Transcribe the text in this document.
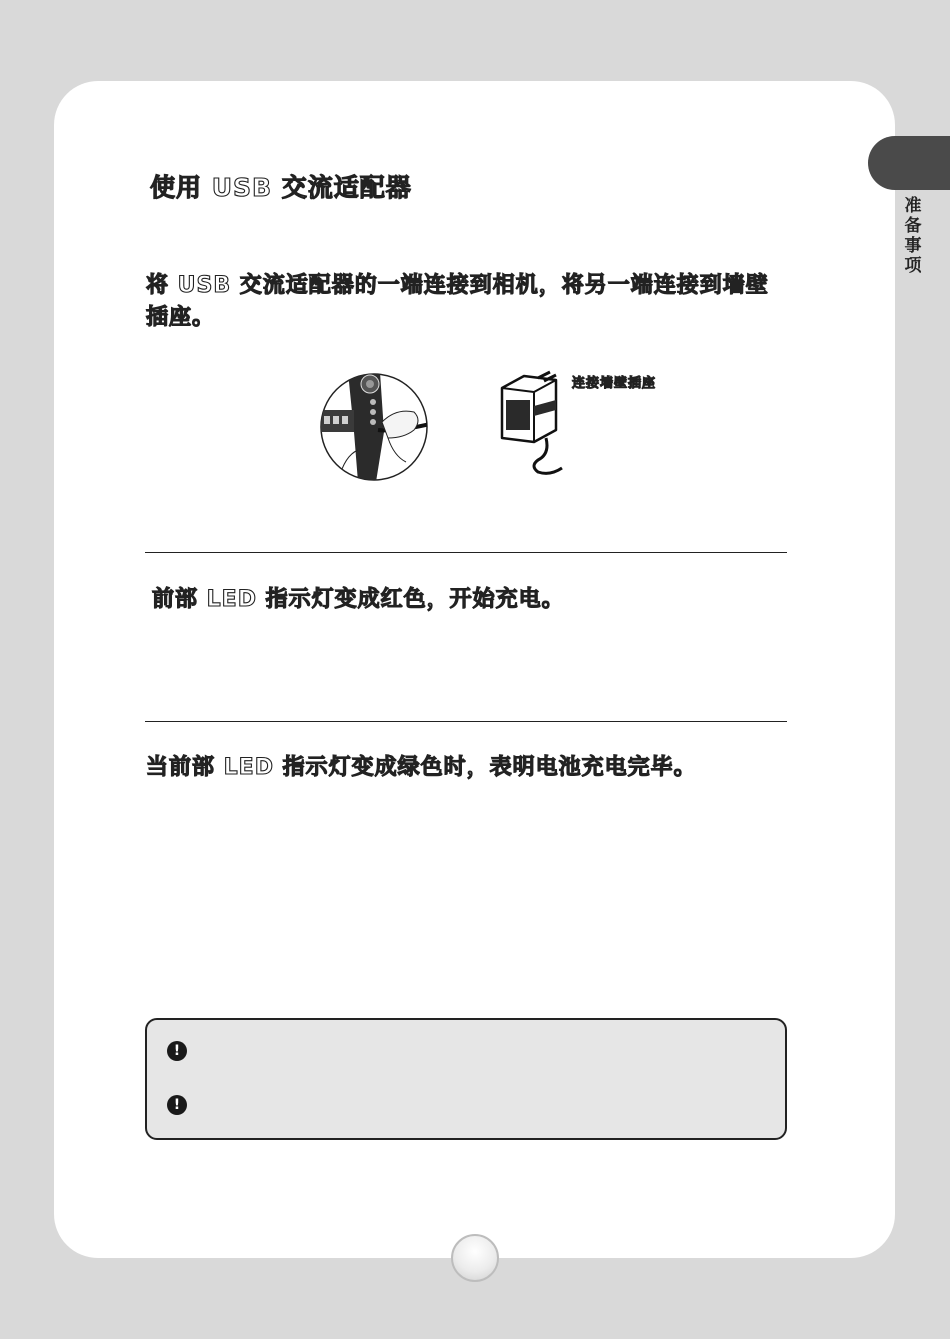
准备事项
使用 USB 交流适配器
将 USB 交流适配器的一端连接到相机，将另一端连接到墙壁插座。
连接墙壁插座
前部 LED 指示灯变成红色，开始充电。
当前部 LED 指示灯变成绿色时，表明电池充电完毕。
!
!
